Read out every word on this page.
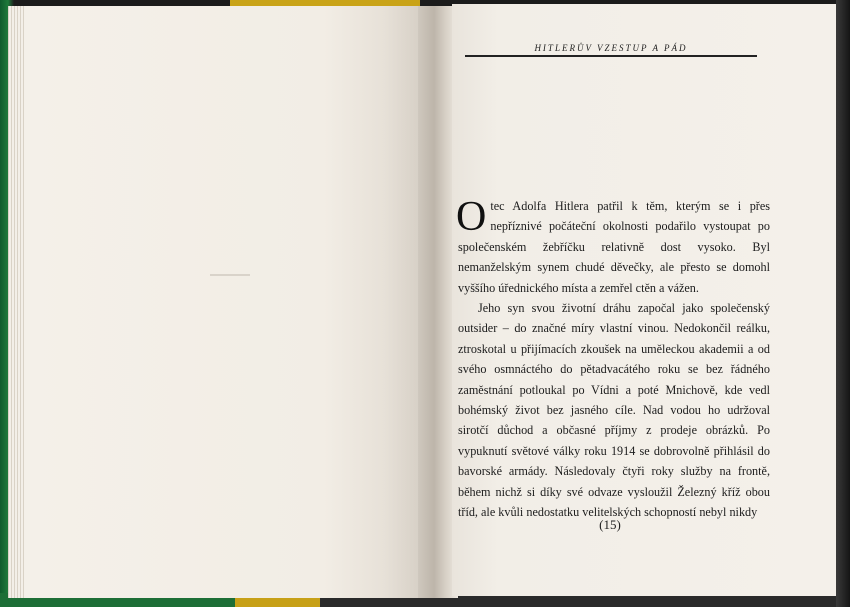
HITLERŮV VZESTUP A PÁD

Otec Adolfa Hitlera patřil k těm, kterým se i přes nepříznivé počáteční okolnosti podařilo vystoupat po společenském žebříčku relativně dost vysoko. Byl nemanželským synem chudé děvečky, ale přesto se domohl vyššího úřednického místa a zemřel ctěn a vážen.

Jeho syn svou životní dráhu započal jako společenský outsider – do značné míry vlastní vinou. Nedokončil reálku, ztroskotal u přijímacích zkoušek na uměleckou akademii a od svého osmnáctého do pětadvacátého roku se bez řádného zaměstnání potloukal po Vídni a poté Mnichově, kde vedl bohémský život bez jasného cíle. Nad vodou ho udržoval sirotčí důchod a občasné příjmy z prodeje obrázků. Po vypuknutí světové války roku 1914 se dobrovolně přihlásil do bavorské armády. Následovaly čtyři roky služby na frontě, během nichž si díky své odvaze vysloužil Železný kříž obou tříd, ale kvůli nedostatku velitelských schopností nebyl nikdy

(15)
